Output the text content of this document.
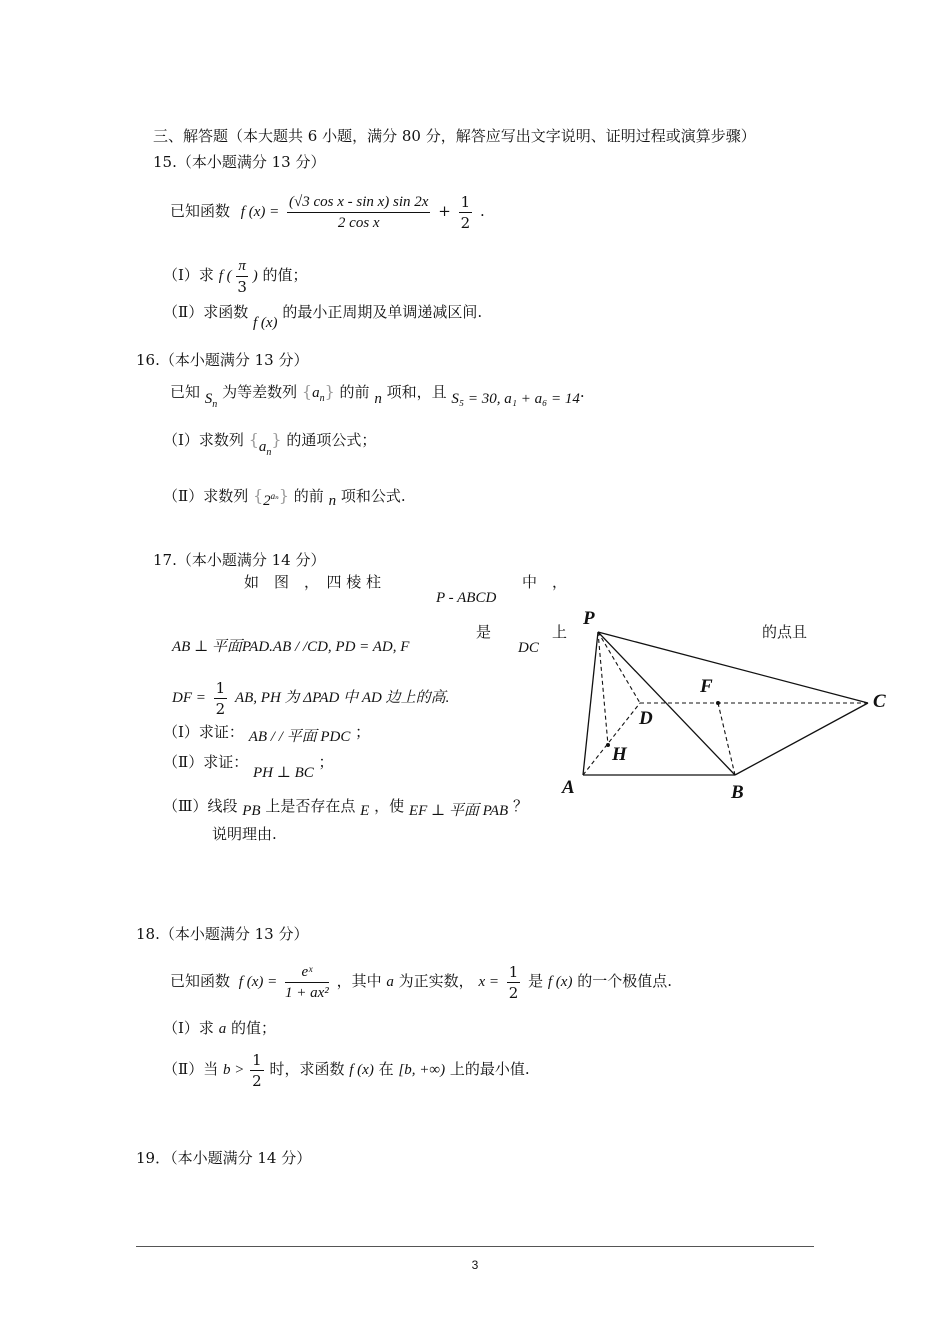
三、解答题（本大题共 6 小题，满分 80 分，解答应写出文字说明、证明过程或演算步骤）
15.（本小题满分 13 分）
已知函数 f $(x) = \frac{\text{(√3 cos x - sin x) sin 2x}}{\text{2 cos x}} + \frac{1}{2}$ .
（Ⅰ）求 f ( $\frac{\pi}{3}$ ) 的值；
（Ⅱ）求函数 f (x) 的最小正周期及单调递减区间.
16.（本小题满分 13 分）
已知 $S_n$ 为等差数列 $\{a_n\}$ 的前 n 项和，且 S₅ = 30, a₁ + a₆ = 14.
（Ⅰ）求数列 $\{a_n\}$ 的通项公式；
（Ⅱ）求数列 $\{2^{a_n}\}$ 的前 n 项和公式.
17.（本小题满分 14 分）
如　图　，　四 棱 柱
P - ABCD
中　，
AB ⊥ 平面PAD.AB / /CD, PD = AD, F
是
DC
上	的点且
DF = $\frac{1}{2}$ AB, PH 为 ΔPAD 中 AD 边上的高.
（Ⅰ）求证： AB / / 平面 PDC ；
（Ⅱ）求证： PH ⊥ BC ；
（Ⅲ）线段 PB 上是否存在点 E ，使 EF ⊥ 平面 PAB ？
说明理由.
P
F
D
C
H
A	B
18.（本小题满分 13 分）
已知函数 f $(x) = \frac{\text{eˣ}}{\text{1 + ax²}}$ ，其中 a 为正实数， $x = \frac{1}{2}$ 是 f (x) 的一个极值点.
（Ⅰ）求 a 的值；
（Ⅱ）当 $b > \frac{1}{2}$ 时，求函数 f (x) 在 [b, +∞) 上的最小值.
19．（本小题满分 14 分）
3
